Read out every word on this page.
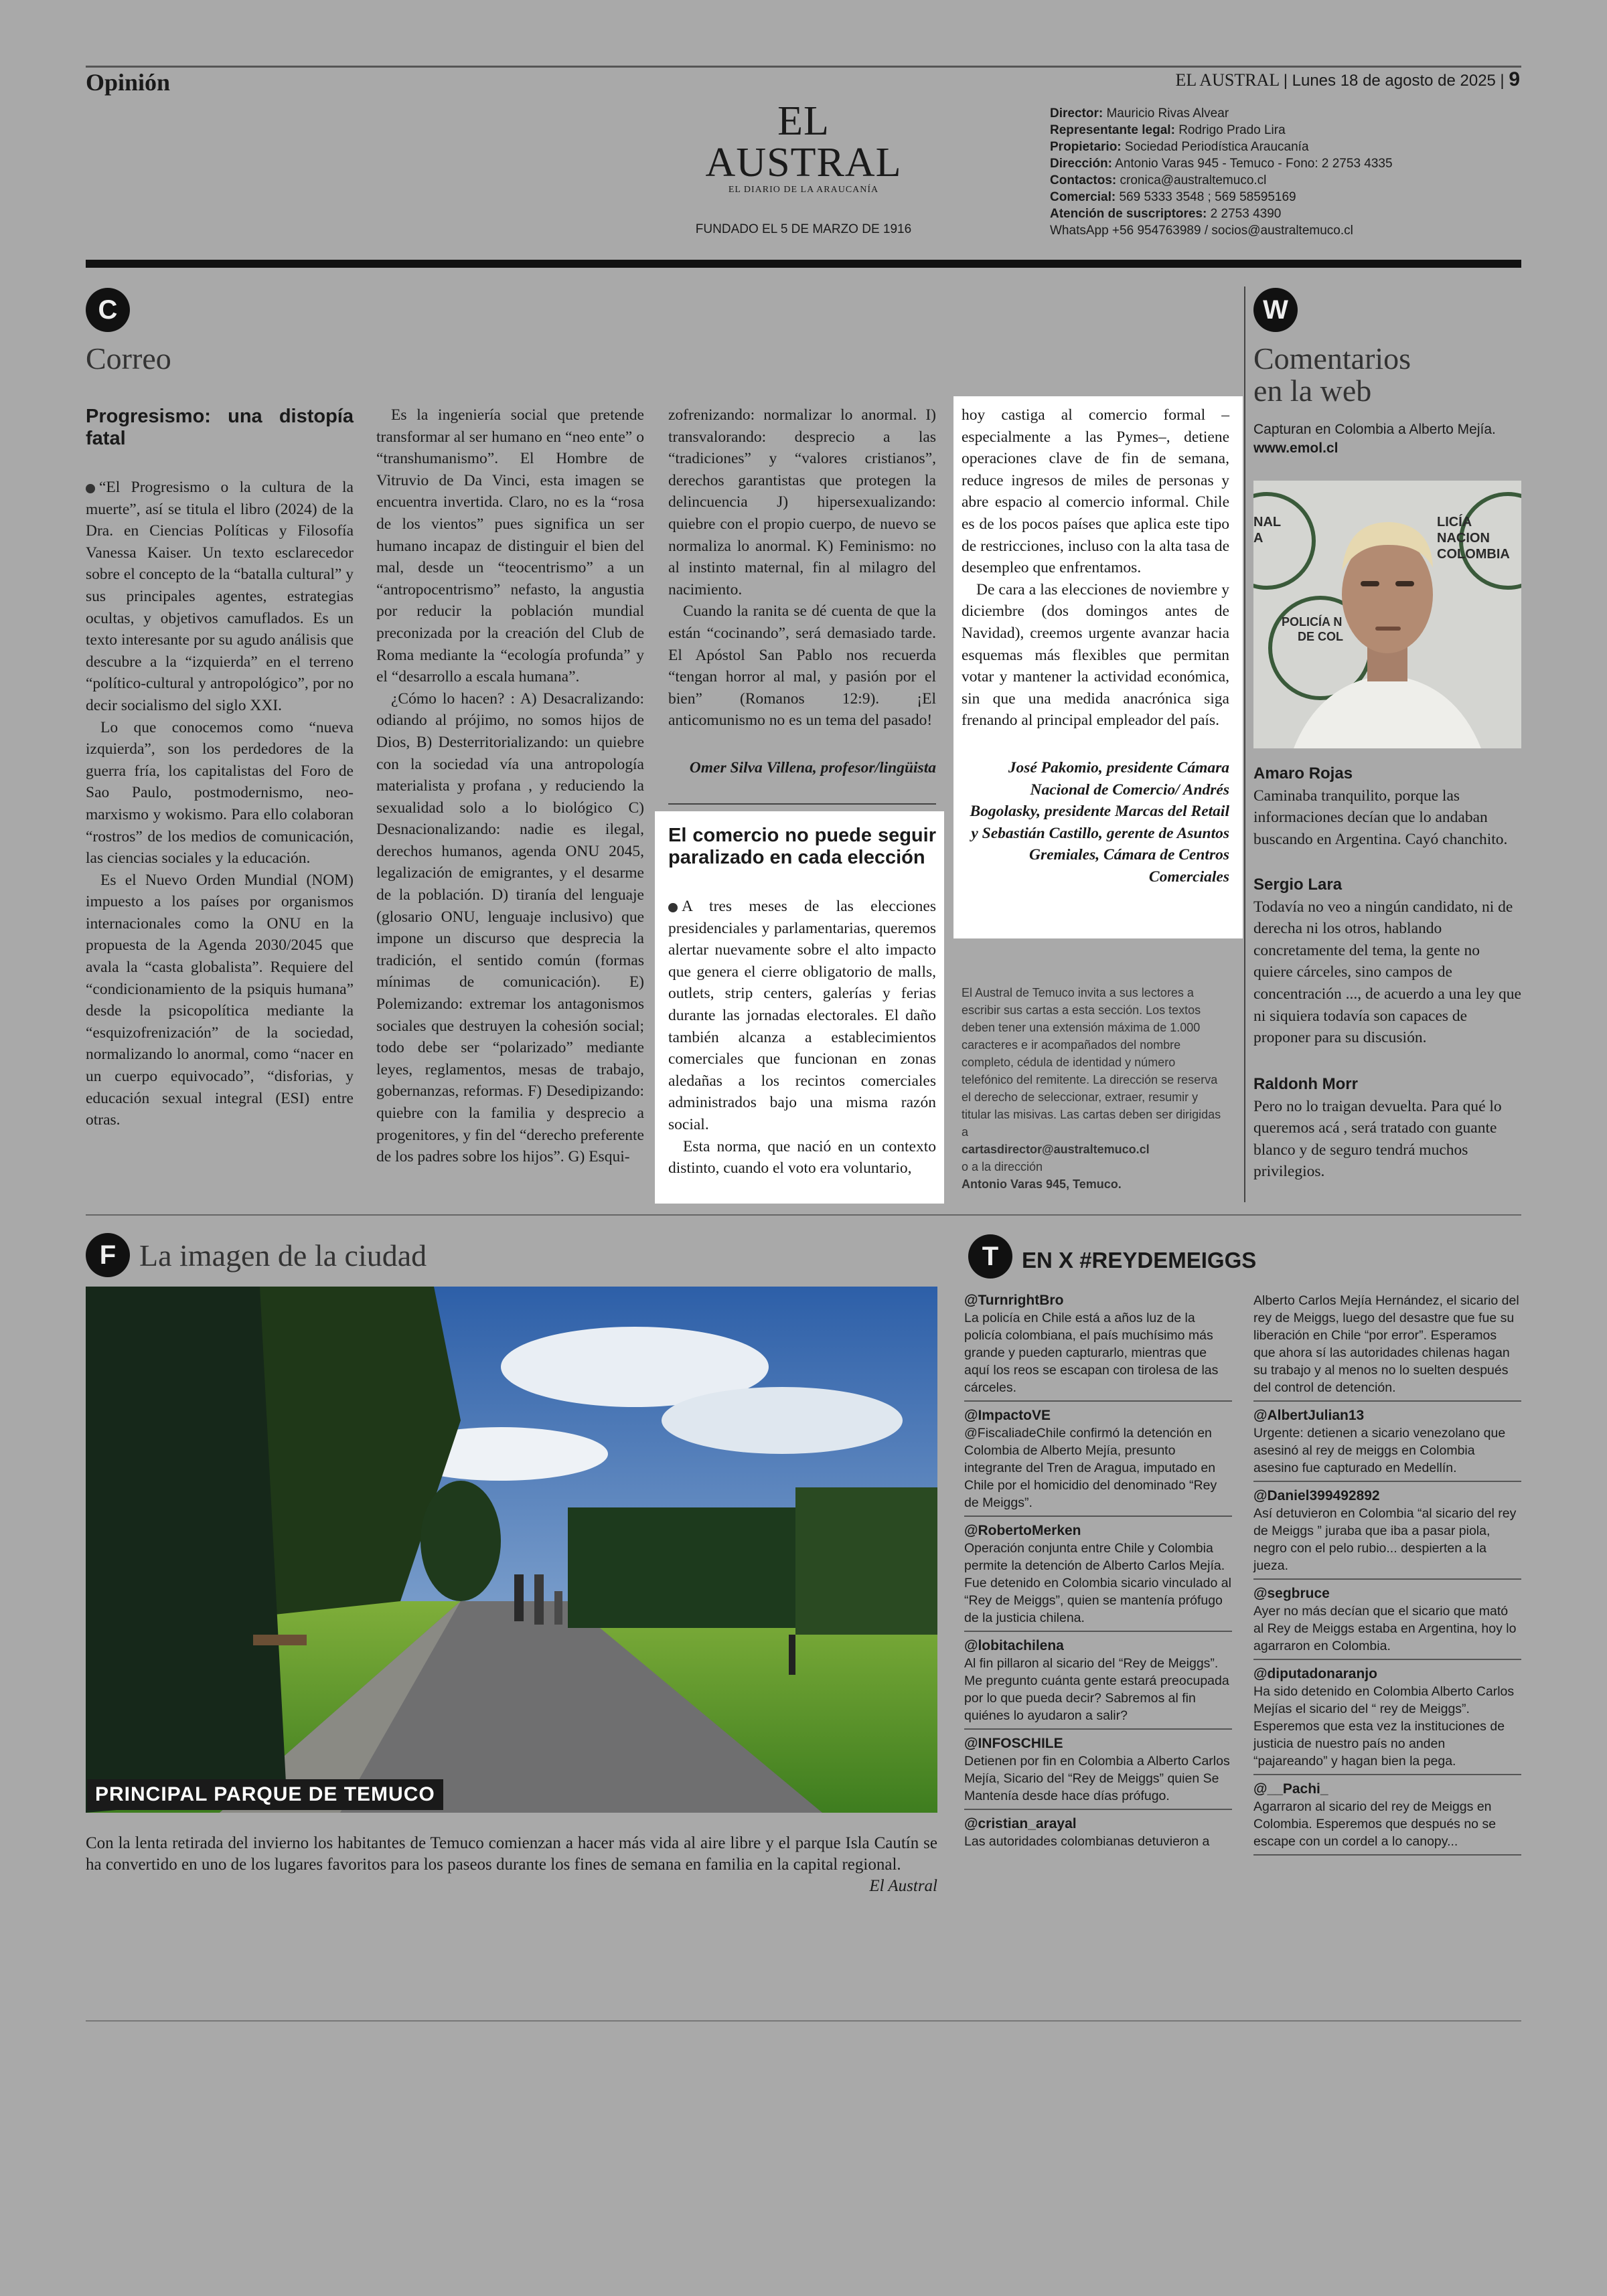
Opinión	EL AUSTRAL | Lunes 18 de agosto de 2025 | 9
EL AUSTRAL
EL DIARIO DE LA ARAUCANÍA
FUNDADO EL 5 DE MARZO DE 1916
Director: Mauricio Rivas Alvear
Representante legal: Rodrigo Prado Lira
Propietario: Sociedad Periodística Araucanía
Dirección: Antonio Varas 945 - Temuco - Fono: 2 2753 4335
Contactos: cronica@australtemuco.cl
Comercial: 569 5333 3548 ; 569 58595169
Atención de suscriptores: 2 2753 4390
WhatsApp +56 954763989 / socios@australtemuco.cl
C
Correo
Progresismo: una distopía fatal

“El Progresismo o la cultura de la muerte”, así se titula el libro (2024) de la Dra. en Ciencias Políticas y Filosofía Vanessa Kaiser. Un texto esclarecedor sobre el concepto de la “batalla cultural” y sus principales agentes, estrategias ocultas, y objetivos camuflados. Es un texto interesante por su agudo análisis que descubre a la “izquierda” en el terreno “político-cultural y antropológico”, por no decir socialismo del siglo XXI.

Lo que conocemos como “nueva izquierda”, son los perdedores de la guerra fría, los capitalistas del Foro de Sao Paulo, postmodernismo, neo-marxismo y wokismo. Para ello colaboran “rostros” de los medios de comunicación, las ciencias sociales y la educación.

Es el Nuevo Orden Mundial (NOM) impuesto a los países por organismos internacionales como la ONU en la propuesta de la Agenda 2030/2045 que avala la “casta globalista”. Requiere del “condicionamiento de la psiquis humana” desde la psicopolítica mediante la “esquizofrenización” de la sociedad, normalizando lo anormal, como “nacer en un cuerpo equivocado”, “disforias, y educación sexual integral (ESI) entre otras.

Es la ingeniería social que pretende transformar al ser humano en “neo ente” o “transhumanismo”. El Hombre de Vitruvio de Da Vinci, esta imagen se encuentra invertida. Claro, no es la “rosa de los vientos” pues significa un ser humano incapaz de distinguir el bien del mal, desde un “teocentrismo” a un “antropocentrismo” nefasto, la angustia por reducir la población mundial preconizada por la creación del Club de Roma mediante la “ecología profunda” y el “desarrollo a escala humana”.

¿Cómo lo hacen? : A) Desacralizando: odiando al prójimo, no somos hijos de Dios, B) Desterritorializando: un quiebre con la sociedad vía una antropología materialista y profana , y reduciendo la sexualidad solo a lo biológico C) Desnacionalizando: nadie es ilegal, derechos humanos, agenda ONU 2045, legalización de emigrantes, y el desarme de la población. D) tiranía del lenguaje (glosario ONU, lenguaje inclusivo) que impone un discurso que desprecia la tradición, el sentido común (formas mínimas de comunicación). E) Polemizando: extremar los antagonismos sociales que destruyen la cohesión social; todo debe ser “polarizado” mediante leyes, reglamentos, mesas de trabajo, gobernanzas, reformas. F) Desedipizando: quiebre con la familia y desprecio a progenitores, y fin del “derecho preferente de los padres sobre los hijos”. G) Esqui-

zofrenizando: normalizar lo anormal. I) transvalorando: desprecio a las “tradiciones” y “valores cristianos”, derechos garantistas que protegen la delincuencia J) hipersexualizando: quiebre con el propio cuerpo, de nuevo se normaliza lo anormal. K) Feminismo: no al instinto maternal, fin al milagro del nacimiento.

Cuando la ranita se dé cuenta de que la están “cocinando”, será demasiado tarde. El Apóstol San Pablo nos recuerda “tengan horror al mal, y pasión por el bien” (Romanos 12:9). ¡El anticomunismo no es un tema del pasado!

Omer Silva Villena, profesor/lingüista

El comercio no puede seguir paralizado en cada elección

A tres meses de las elecciones presidenciales y parlamentarias, queremos alertar nuevamente sobre el alto impacto que genera el cierre obligatorio de malls, outlets, strip centers, galerías y ferias durante las jornadas electorales. El daño también alcanza a establecimientos comerciales que funcionan en zonas aledañas a los recintos comerciales administrados bajo una misma razón social.

Esta norma, que nació en un contexto distinto, cuando el voto era voluntario,

hoy castiga al comercio formal –especialmente a las Pymes–, detiene operaciones clave de fin de semana, reduce ingresos de miles de personas y abre espacio al comercio informal. Chile es de los pocos países que aplica este tipo de restricciones, incluso con la alta tasa de desempleo que enfrentamos.

De cara a las elecciones de noviembre y diciembre (dos domingos antes de Navidad), creemos urgente avanzar hacia esquemas más flexibles que permitan votar y mantener la actividad económica, sin que una medida anacrónica siga frenando al principal empleador del país.

José Pakomio, presidente Cámara Nacional de Comercio/ Andrés Bogolasky, presidente Marcas del Retail y Sebastián Castillo, gerente de Asuntos Gremiales, Cámara de Centros Comerciales

El Austral de Temuco invita a sus lectores a escribir sus cartas a esta sección. Los textos deben tener una extensión máxima de 1.000 caracteres e ir acompañados del nombre completo, cédula de identidad y número telefónico del remitente. La dirección se reserva el derecho de seleccionar, extraer, resumir y titular las misivas. Las cartas deben ser dirigidas a
cartasdirector@australtemuco.cl
o a la dirección
Antonio Varas 945, Temuco.
W
Comentarios
en la web
Capturan en Colombia a Alberto Mejía.
www.emol.cl
NAL
A
LICÍA NACION
COLOMBIA
POLICÍA N
DE COL
Amaro Rojas
Caminaba tranquilito, porque las informaciones decían que lo andaban buscando en Argentina. Cayó chanchito.
Sergio Lara
Todavía no veo a ningún candidato, ni de derecha ni los otros, hablando concretamente del tema, la gente no quiere cárceles, sino campos de concentración ..., de acuerdo a una ley que ni siquiera todavía son capaces de proponer para su discusión.
Raldonh Morr
Pero no lo traigan devuelta. Para qué lo queremos acá , será tratado con guante blanco y de seguro tendrá muchos privilegios.
F La imagen de la ciudad
PRINCIPAL PARQUE DE TEMUCO
Con la lenta retirada del invierno los habitantes de Temuco comienzan a hacer más vida al aire libre y el parque Isla Cautín se ha convertido en uno de los lugares favoritos para los paseos durante los fines de semana en familia en la capital regional.
El Austral
T	EN X #REYDEMEIGGS
@TurnrightBro
La policía en Chile está a años luz de la policía colombiana, el país muchísimo más grande y pueden capturarlo, mientras que aquí los reos se escapan con tirolesa de las cárceles.
@ImpactoVE
@FiscaliadeChile confirmó la detención en Colombia de Alberto Mejía, presunto integrante del Tren de Aragua, imputado en Chile por el homicidio del denominado “Rey de Meiggs”.
@RobertoMerken
Operación conjunta entre Chile y Colombia permite la detención de Alberto Carlos Mejía. Fue detenido en Colombia sicario vinculado al “Rey de Meiggs”, quien se mantenía prófugo de la justicia chilena.
@lobitachilena
Al fin pillaron al sicario del “Rey de Meiggs”. Me pregunto cuánta gente estará preocupada por lo que pueda decir? Sabremos al fin quiénes lo ayudaron a salir?
@INFOSCHILE
Detienen por fin en Colombia a Alberto Carlos Mejía, Sicario del “Rey de Meiggs” quien Se Mantenía desde hace días prófugo.
@cristian_arayal
Las autoridades colombianas detuvieron a
Alberto Carlos Mejía Hernández, el sicario del rey de Meiggs, luego del desastre que fue su liberación en Chile “por error”. Esperamos que ahora sí las autoridades chilenas hagan su trabajo y al menos no lo suelten después del control de detención.
@AlbertJulian13
Urgente: detienen a sicario venezolano que asesinó al rey de meiggs en Colombia asesino fue capturado en Medellín.
@Daniel399492892
Así detuvieron en Colombia “al sicario del rey de Meiggs ” juraba que iba a pasar piola, negro con el pelo rubio... despierten a la jueza.
@segbruce
Ayer no más decían que el sicario que mató al Rey de Meiggs estaba en Argentina, hoy lo agarraron en Colombia.
@diputadonaranjo
Ha sido detenido en Colombia Alberto Carlos Mejías el sicario del “ rey de Meiggs”. Esperemos que esta vez la instituciones de justicia de nuestro país no anden “pajareando” y hagan bien la pega.
@__Pachi_
Agarraron al sicario del rey de Meiggs en Colombia. Esperemos que después no se escape con un cordel a lo canopy...
